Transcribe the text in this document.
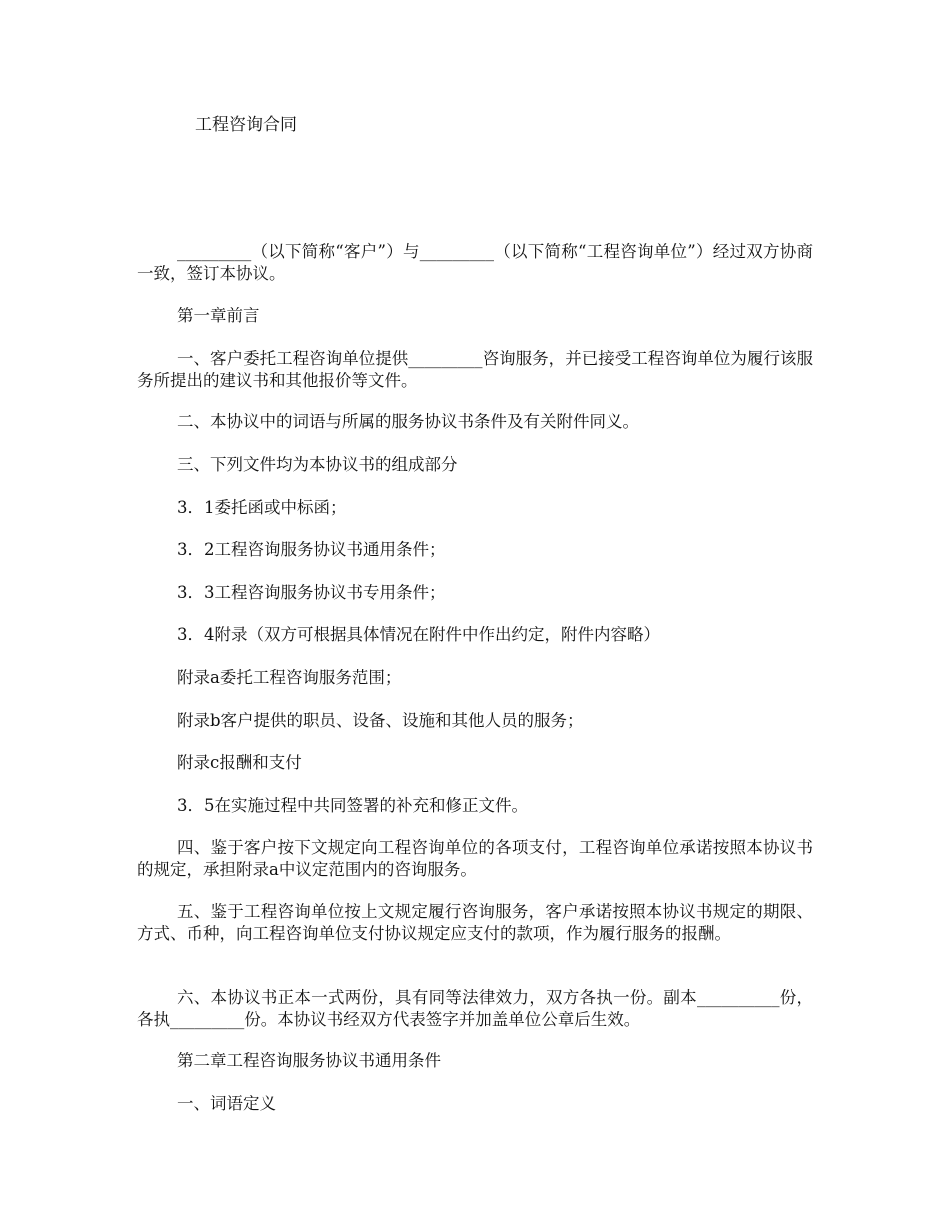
工程咨询合同

_________（以下简称“客户”）与_________（以下简称“工程咨询单位”）经过双方协商一致，签订本协议。

第一章前言

一、客户委托工程咨询单位提供_________咨询服务，并已接受工程咨询单位为履行该服务所提出的建议书和其他报价等文件。

二、本协议中的词语与所属的服务协议书条件及有关附件同义。

三、下列文件均为本协议书的组成部分

3．1委托函或中标函；

3．2工程咨询服务协议书通用条件；

3．3工程咨询服务协议书专用条件；

3．4附录（双方可根据具体情况在附件中作出约定，附件内容略）

附录a委托工程咨询服务范围；

附录b客户提供的职员、设备、设施和其他人员的服务；

附录c报酬和支付

3．5在实施过程中共同签署的补充和修正文件。

四、鉴于客户按下文规定向工程咨询单位的各项支付，工程咨询单位承诺按照本协议书的规定，承担附录a中议定范围内的咨询服务。

五、鉴于工程咨询单位按上文规定履行咨询服务，客户承诺按照本协议书规定的期限、方式、币种，向工程咨询单位支付协议规定应支付的款项，作为履行服务的报酬。

六、本协议书正本一式两份，具有同等法律效力，双方各执一份。副本__________份，各执_________份。本协议书经双方代表签字并加盖单位公章后生效。

第二章工程咨询服务协议书通用条件

一、词语定义
